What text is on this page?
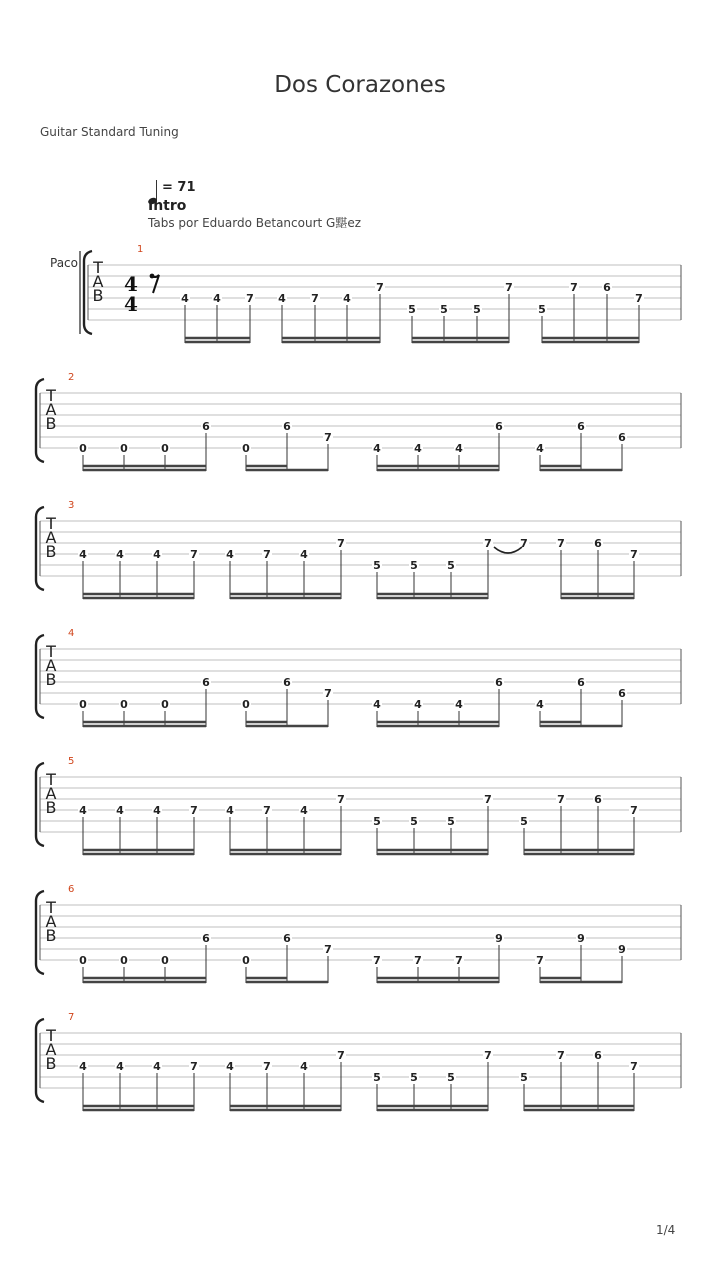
Dos Corazones
Guitar Standard Tuning
= 71
Intro
Tabs por Eduardo Betancourt G黮ez
Paco
1
T
A
B 4
4	4 4 7 4 7 4
7
5 5 5
7
5
7 6
7
2
T
A
B
0	0	0
6
0
6
7
4	4	4
6
4
6
6
3
T
A
B 4	4	4	7	4	7	4
7
5	5	5
7	7	7	6
7
4
T
A
B
0	0	0
6
0
6
7
4	4	4
6
4
6
6
5
T
A
B 4	4	4	7	4	7	4
7
5	5	5
7
5
7	6
7
6
T
A
B
0	0	0
6
0
6
7
7	7	7
9
7
9
9
7
T
A
B 4	4	4	7	4	7	4
7
5	5	5
7
5
7	6
7
1/4
